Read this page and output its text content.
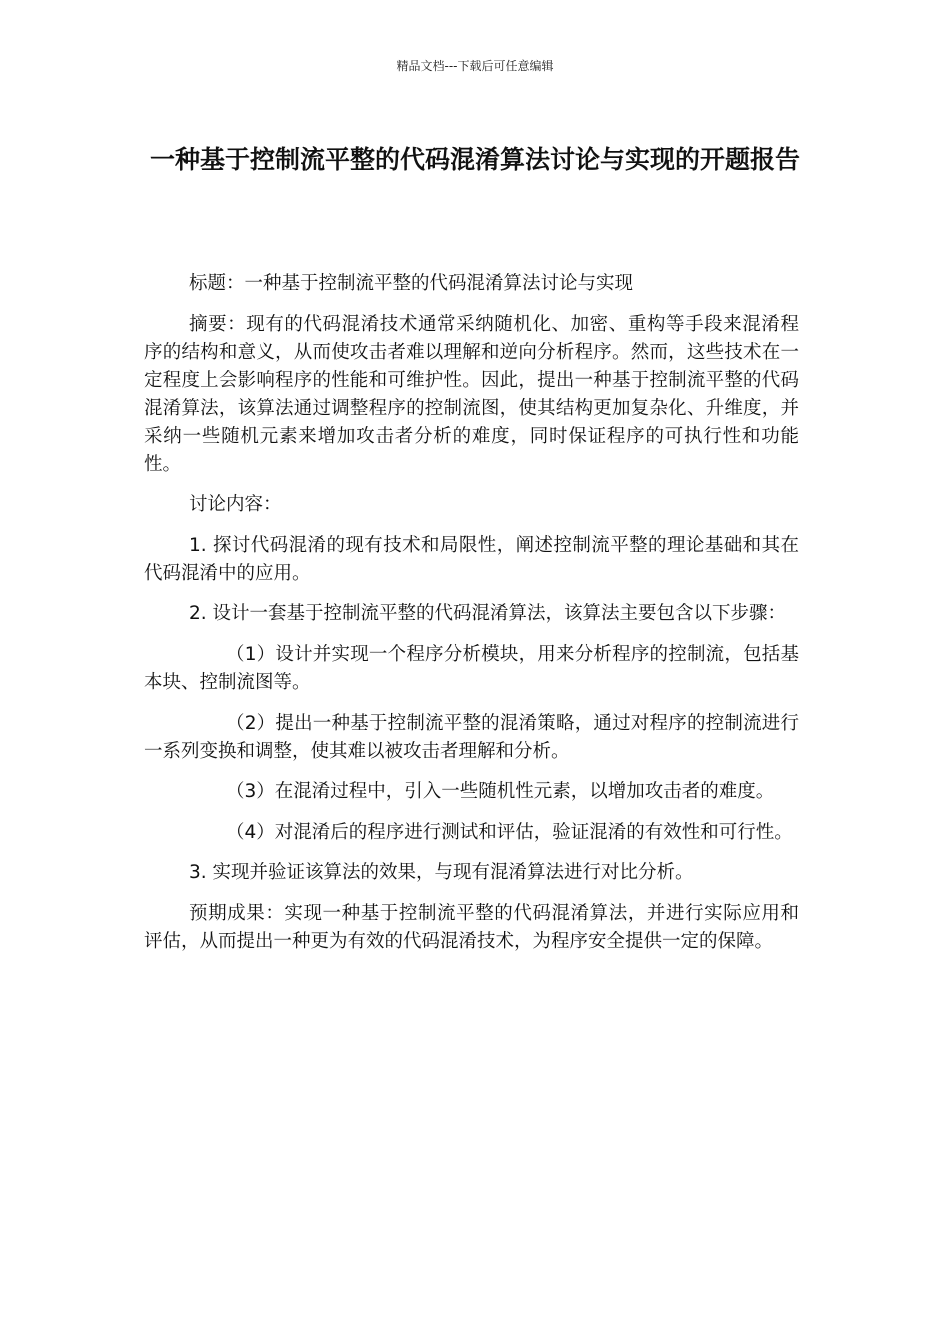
精品文档---下载后可任意编辑
一种基于控制流平整的代码混淆算法讨论与实现的开题报告

标题：一种基于控制流平整的代码混淆算法讨论与实现

摘要：现有的代码混淆技术通常采纳随机化、加密、重构等手段来混淆程序的结构和意义，从而使攻击者难以理解和逆向分析程序。然而，这些技术在一定程度上会影响程序的性能和可维护性。因此，提出一种基于控制流平整的代码混淆算法，该算法通过调整程序的控制流图，使其结构更加复杂化、升维度，并采纳一些随机元素来增加攻击者分析的难度，同时保证程序的可执行性和功能性。

讨论内容：

1. 探讨代码混淆的现有技术和局限性，阐述控制流平整的理论基础和其在代码混淆中的应用。

2. 设计一套基于控制流平整的代码混淆算法，该算法主要包含以下步骤：

（1）设计并实现一个程序分析模块，用来分析程序的控制流，包括基本块、控制流图等。

（2）提出一种基于控制流平整的混淆策略，通过对程序的控制流进行一系列变换和调整，使其难以被攻击者理解和分析。

（3）在混淆过程中，引入一些随机性元素，以增加攻击者的难度。

（4）对混淆后的程序进行测试和评估，验证混淆的有效性和可行性。

3. 实现并验证该算法的效果，与现有混淆算法进行对比分析。

预期成果：实现一种基于控制流平整的代码混淆算法，并进行实际应用和评估，从而提出一种更为有效的代码混淆技术，为程序安全提供一定的保障。
